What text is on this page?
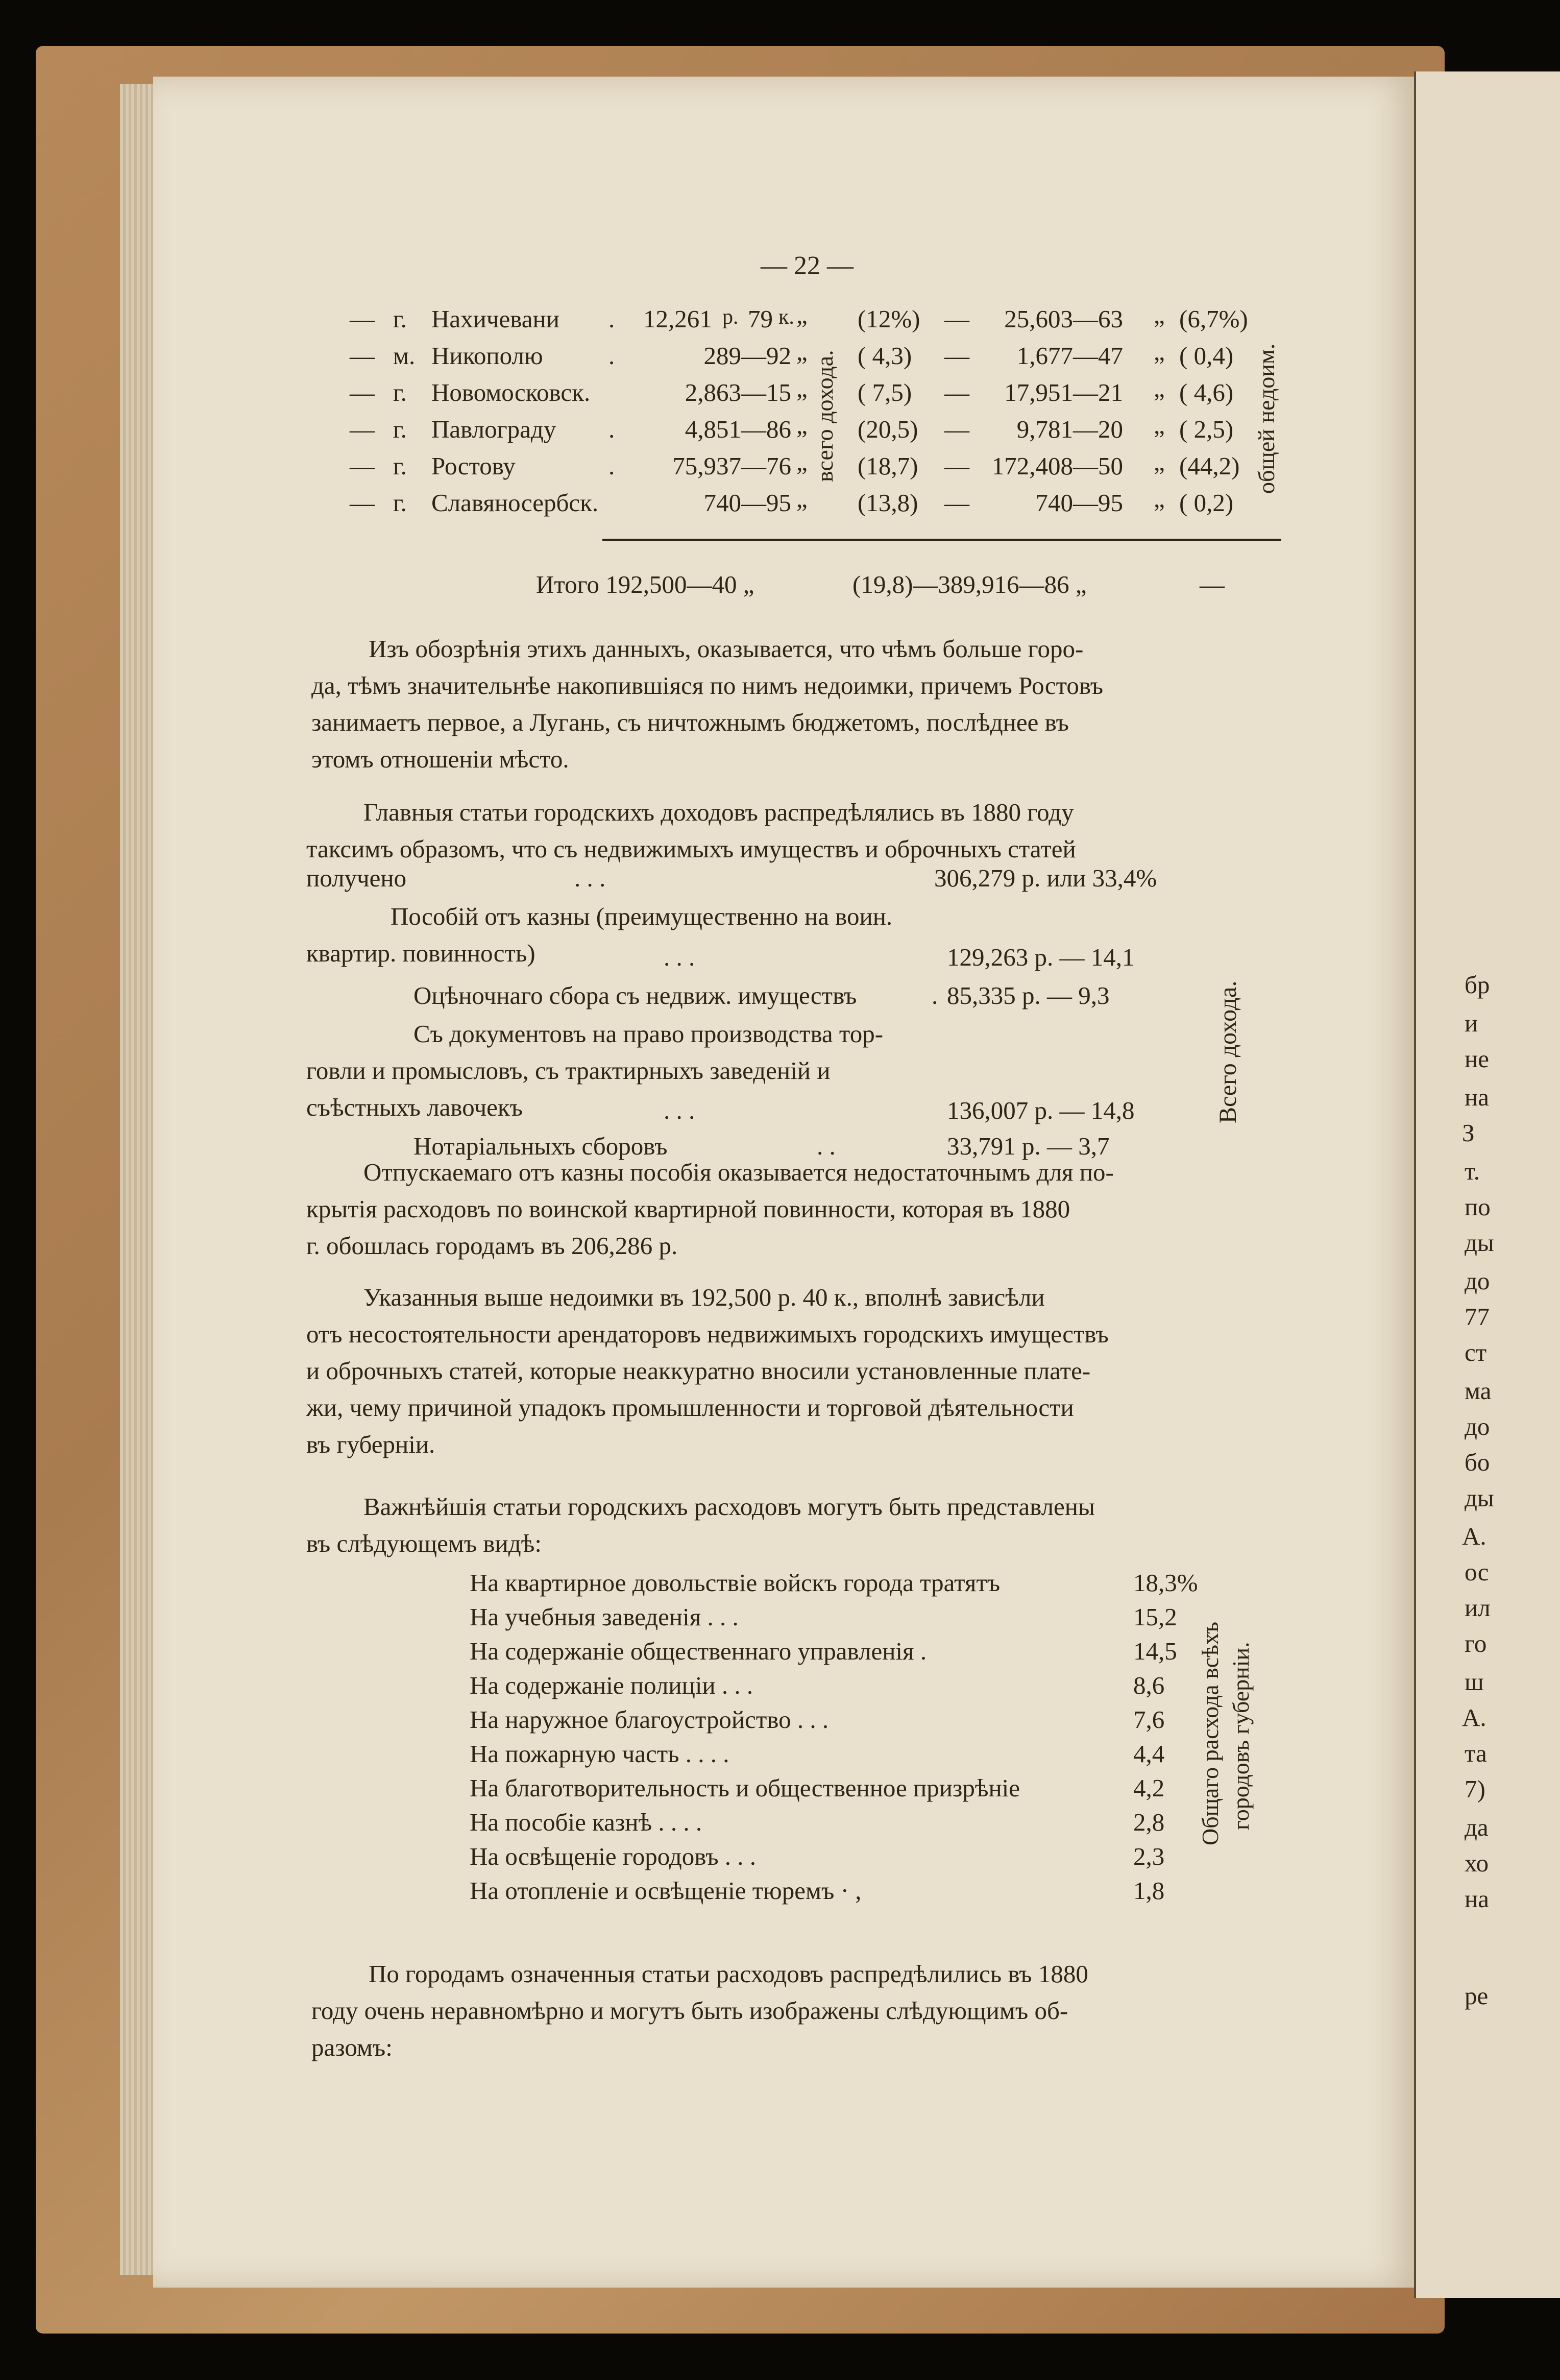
бр
и
не
на
З
т.
по
ды
до
77
ст
ма
до
бо
ды
А.
ос
ил
го
ш
А.
та
7)
да
хо
на
ре
— 22 —
— г. Нахичевани . 12,261 р. 79 к. „ (12%) — 25,603—63 „ (6,7%)
— м. Никополю	.	289—92 „ ( 4,3) — 1,677—47 „ ( 0,4)
— г. Новомосковск.	2,863—15 „ ( 7,5) — 17,951—21 „ ( 4,6)
— г. Павлограду .	4,851—86 „ (20,5) — 9,781—20 „ ( 2,5)
— г. Ростову	. 75,937—76 „ (18,7) — 172,408—50 „ (44,2)
— г. Славяносербск.	740—95 „ (13,8) —	740—95 „ ( 0,2)
всего дохода.	общей недоим.
Итого 192,500—40 „	(19,8)—389,916—86 „	—
Изъ обозрѣнія этихъ данныхъ, оказывается, что чѣмъ больше горо-
да, тѣмъ значительнѣе накопившіяся по нимъ недоимки, причемъ Ростовъ
занимаетъ первое, а Лугань, съ ничтожнымъ бюджетомъ, послѣднее въ
этомъ отношеніи мѣсто.
Главныя статьи городскихъ доходовъ распредѣлялись въ 1880 году
таксимъ образомъ, что съ недвижимыхъ имуществъ и оброчныхъ статей
получено	. . .	306,279 р. или 33,4%
Пособій отъ казны (преимущественно на воин.
квартир. повинность)	. . .	129,263 р. — 14,1
Оцѣночнаго сбора съ недвиж. имуществъ	. 85,335 р. — 9,3
Съ документовъ на право производства тор-
говли и промысловъ, съ трактирныхъ заведеній и
съѣстныхъ лавочекъ	. . .	136,007 р. — 14,8
Нотаріальныхъ сборовъ	. .	33,791 р. — 3,7
Всего дохода.
Отпускаемаго отъ казны пособія оказывается недостаточнымъ для по-
крытія расходовъ по воинской квартирной повинности, которая въ 1880
г. обошлась городамъ въ 206,286 р.
Указанныя выше недоимки въ 192,500 р. 40 к., вполнѣ зависѣли
отъ несостоятельности арендаторовъ недвижимыхъ городскихъ имуществъ
и оброчныхъ статей, которые неаккуратно вносили установленные плате-
жи, чему причиной упадокъ промышленности и торговой дѣятельности
въ губерніи.
Важнѣйшія статьи городскихъ расходовъ могутъ быть представлены
въ слѣдующемъ видѣ:
На квартирное довольствіе войскъ города тратятъ	18,3%
На учебныя заведенія . . .	15,2
На содержаніе общественнаго управленія .	14,5
На содержаніе полиціи . . .	8,6
На наружное благоустройство . . .	7,6
На пожарную часть . . . .	4,4
На благотворительность и общественное призрѣніе	4,2
На пособіе казнѣ . . . .	2,8
На освѣщеніе городовъ . . .	2,3
На отопленіе и освѣщеніе тюремъ · ,	1,8
Общаго расхода всѣхъ городовъ губерніи.
По городамъ означенныя статьи расходовъ распредѣлились въ 1880
году очень неравномѣрно и могутъ быть изображены слѣдующимъ об-
разомъ:
